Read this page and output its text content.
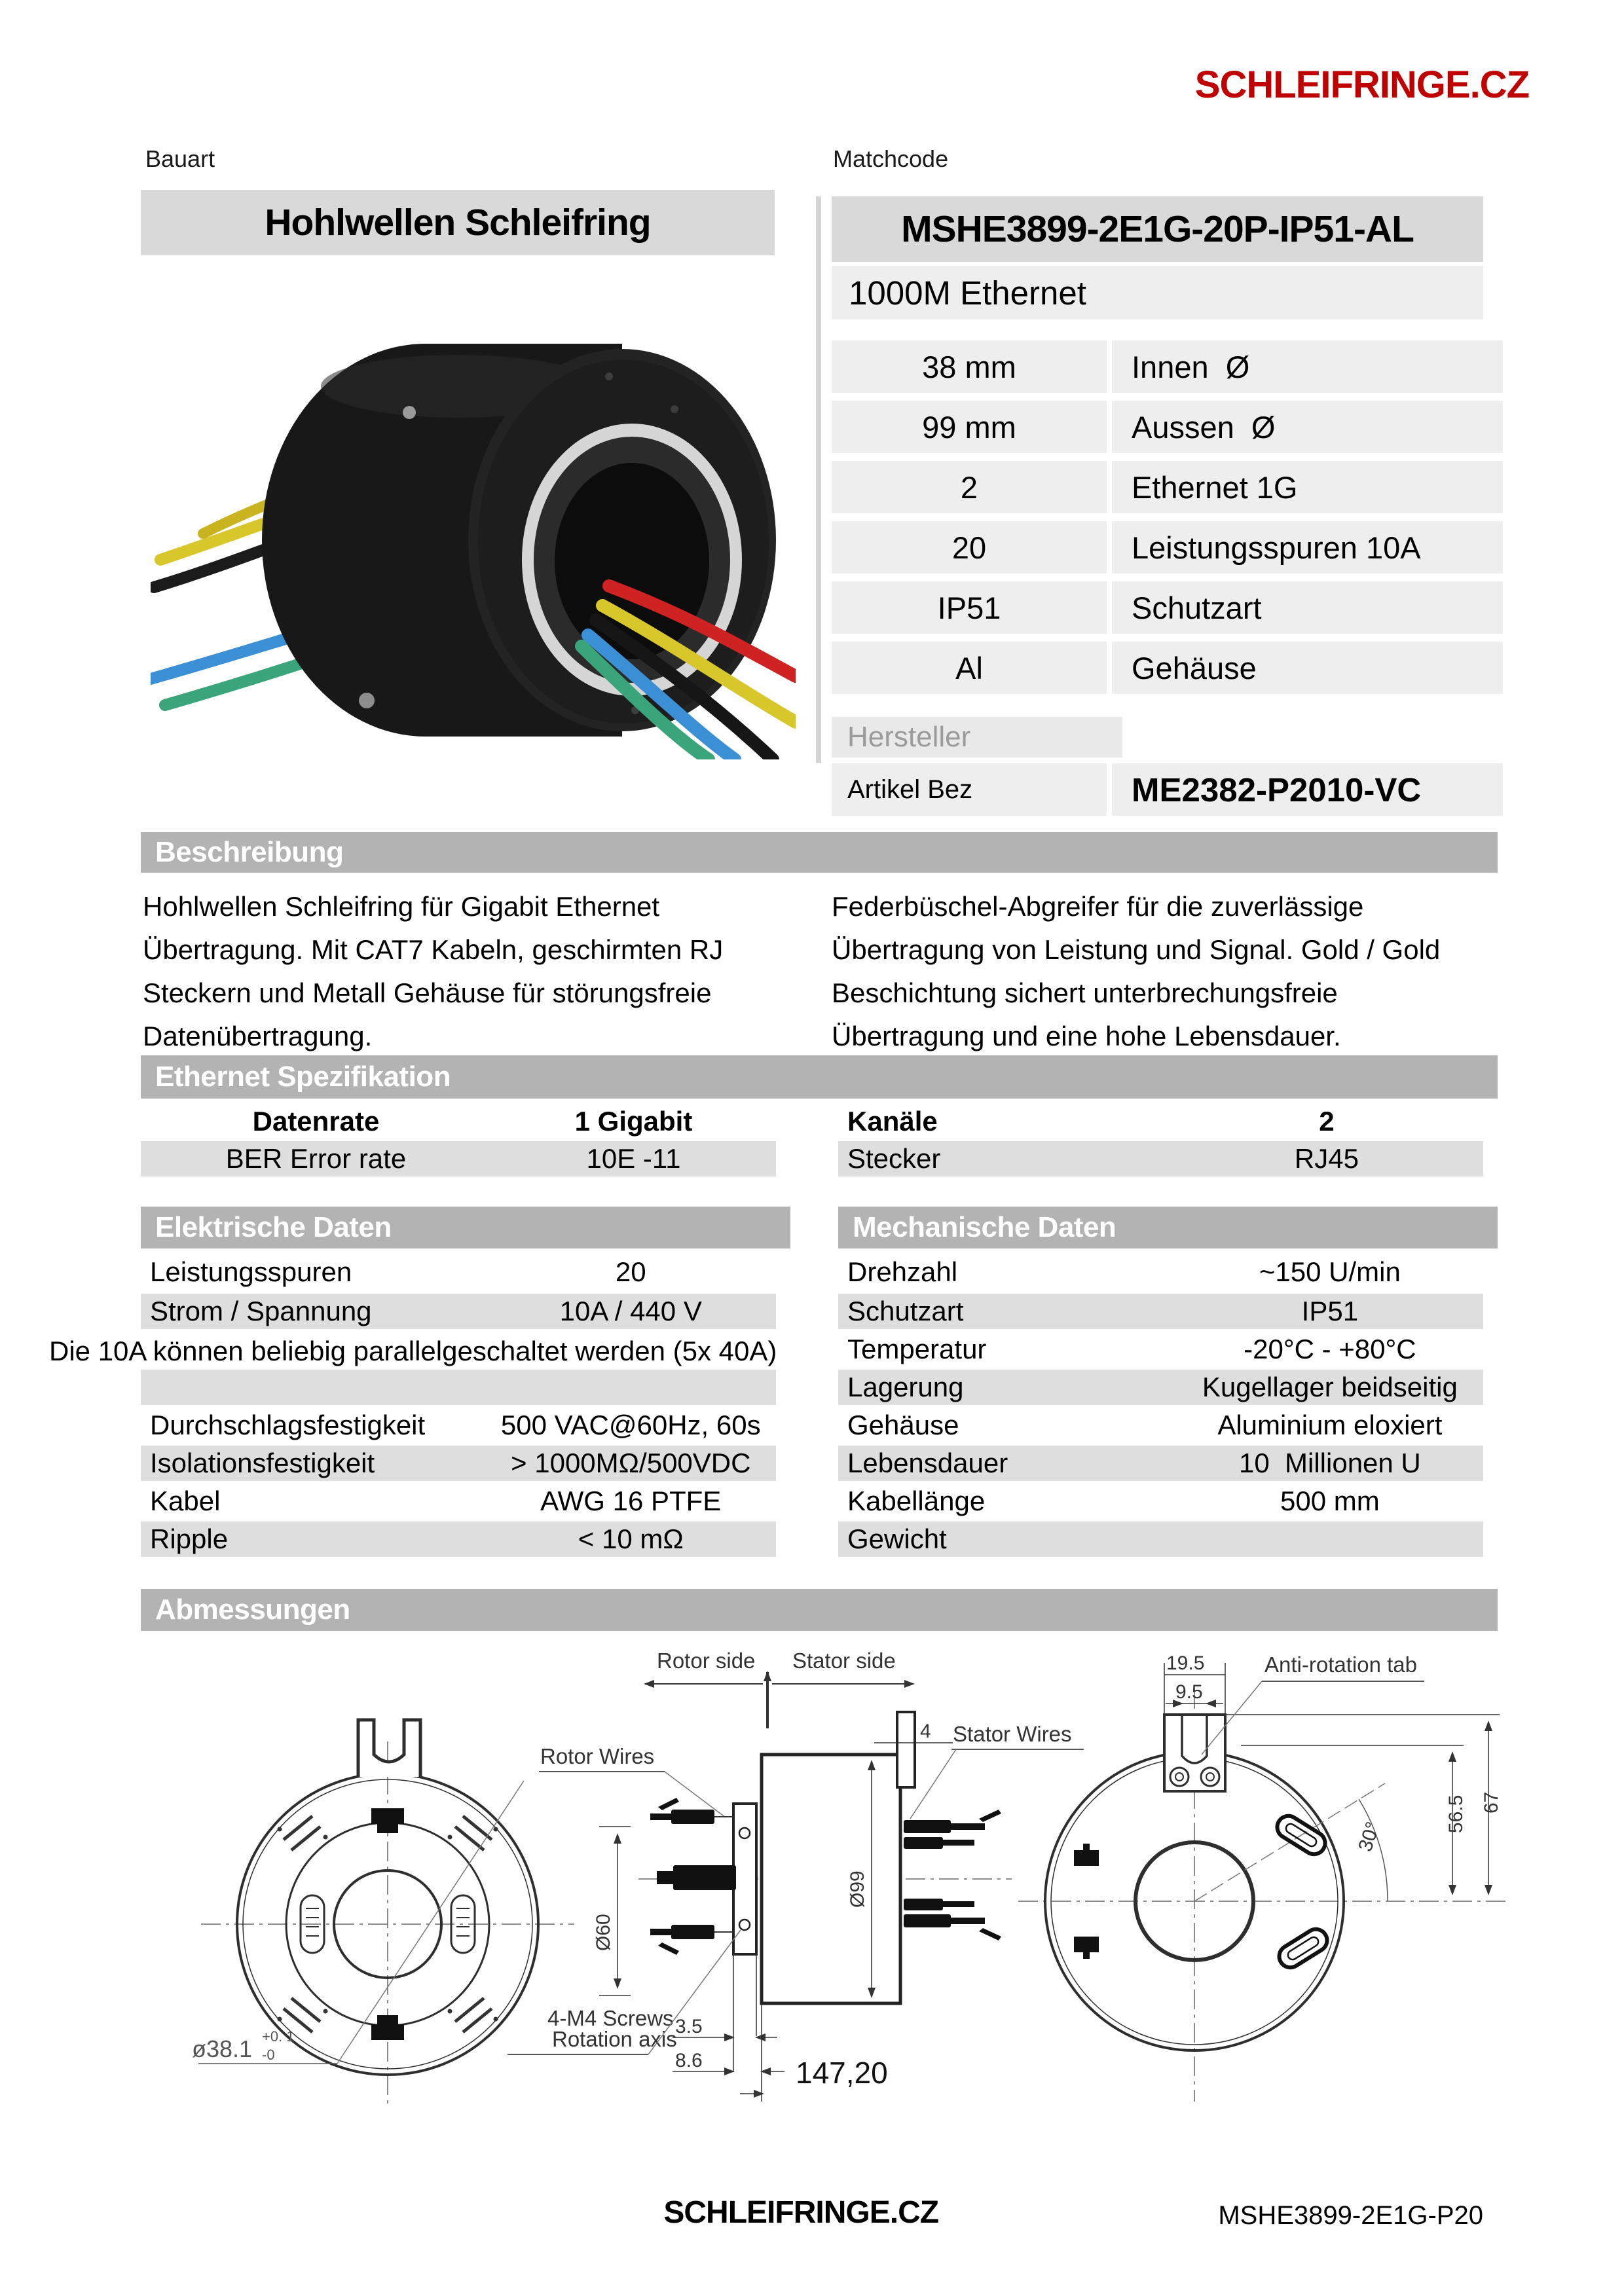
SCHLEIFRINGE.CZ
Bauart
Hohlwellen Schleifring
Matchcode
MSHE3899-2E1G-20P-IP51-AL
1000M Ethernet
38 mm	Innen  Ø
99 mm	Aussen  Ø
2	Ethernet 1G
20	Leistungsspuren 10A
IP51	Schutzart
Al	Gehäuse
Hersteller
Artikel Bez	ME2382-P2010-VC
Beschreibung
Hohlwellen Schleifring für Gigabit Ethernet Übertragung. Mit CAT7 Kabeln, geschirmten RJ Steckern und Metall Gehäuse für störungsfreie Datenübertragung.
Federbüschel-Abgreifer für die zuverlässige Übertragung von Leistung und Signal. Gold / Gold Beschichtung sichert unterbrechungsfreie Übertragung und eine hohe Lebensdauer.
Ethernet Spezifikation
Datenrate	1 Gigabit	Kanäle	2
BER Error rate	10E -11	Stecker	RJ45
Elektrische Daten	Mechanische Daten
Leistungsspuren	20
Strom / Spannung	10A / 440 V
Die 10A können beliebig parallelgeschaltet werden (5x 40A)
Durchschlagsfestigkeit	500 VAC@60Hz, 60s
Isolationsfestigkeit	> 1000MΩ/500VDC
Kabel	AWG 16 PTFE
Ripple	< 10 mΩ
Drehzahl	~150 U/min
Schutzart	IP51
Temperatur	-20°C - +80°C
Lagerung	Kugellager beidseitig
Gehäuse	Aluminium eloxiert
Lebensdauer	10  Millionen U
Kabellänge	500 mm
Gewicht
Abmessungen
ø38.1 +0. 1
-0
Rotor Wires
Ø60
Rotor side Stator side
Ø99
4 Stator Wires
3.5
8.6	147,20
4-M4 Screws
Rotation axis
19.5
9.5
Anti-rotation tab
67
56.5
30°
SCHLEIFRINGE.CZ	MSHE3899-2E1G-P20
